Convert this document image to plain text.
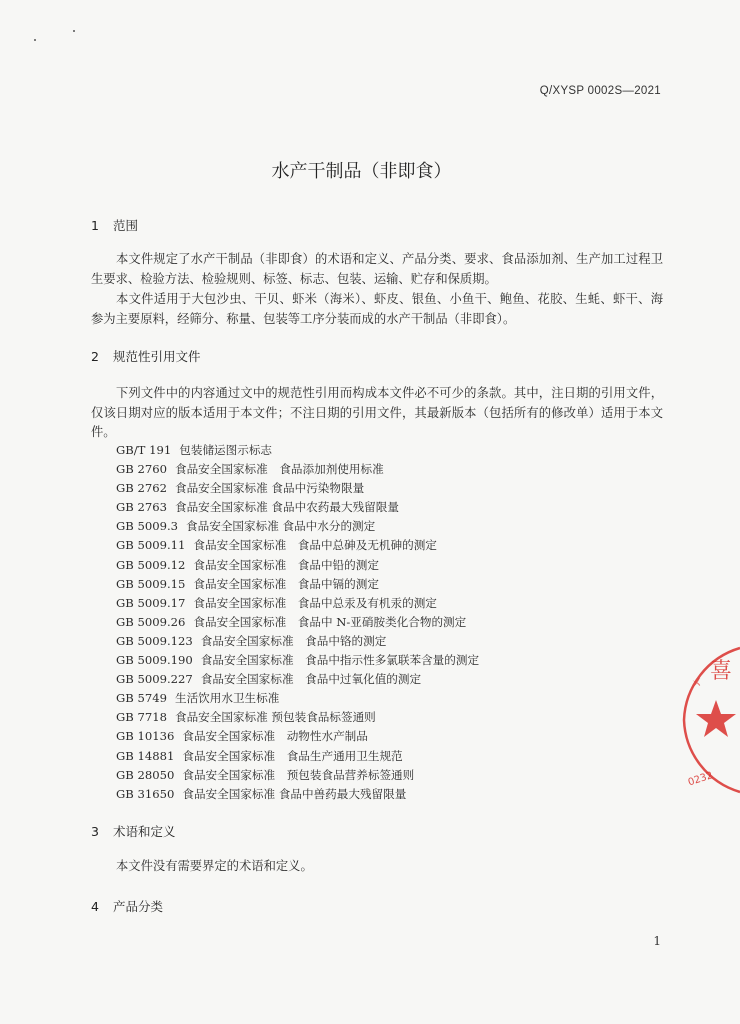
Q/XYSP 0002S—2021
水产干制品（非即食）
1 范围
本文件规定了水产干制品（非即食）的术语和定义、产品分类、要求、食品添加剂、生产加工过程卫生要求、检验方法、检验规则、标签、标志、包装、运输、贮存和保质期。
本文件适用于大包沙虫、干贝、虾米（海米）、虾皮、银鱼、小鱼干、鲍鱼、花胶、生蚝、虾干、海参为主要原料，经筛分、称量、包装等工序分装而成的水产干制品（非即食）。
2 规范性引用文件
下列文件中的内容通过文中的规范性引用而构成本文件必不可少的条款。其中，注日期的引用文件，仅该日期对应的版本适用于本文件；不注日期的引用文件，其最新版本（包括所有的修改单）适用于本文件。
GB/T 191 包装储运图示标志
GB 2760 食品安全国家标准　食品添加剂使用标准
GB 2762 食品安全国家标准 食品中污染物限量
GB 2763 食品安全国家标准 食品中农药最大残留限量
GB 5009.3 食品安全国家标准 食品中水分的测定
GB 5009.11 食品安全国家标准　食品中总砷及无机砷的测定
GB 5009.12 食品安全国家标准　食品中铅的测定
GB 5009.15 食品安全国家标准　食品中镉的测定
GB 5009.17 食品安全国家标准　食品中总汞及有机汞的测定
GB 5009.26 食品安全国家标准　食品中 N-亚硝胺类化合物的测定
GB 5009.123 食品安全国家标准　食品中铬的测定
GB 5009.190 食品安全国家标准　食品中指示性多氯联苯含量的测定
GB 5009.227 食品安全国家标准　食品中过氧化值的测定
GB 5749 生活饮用水卫生标准
GB 7718 食品安全国家标准 预包装食品标签通则
GB 10136 食品安全国家标准　动物性水产制品
GB 14881 食品安全国家标准　食品生产通用卫生规范
GB 28050 食品安全国家标准　预包装食品营养标签通则
GB 31650 食品安全国家标准 食品中兽药最大残留限量
3 术语和定义
本文件没有需要界定的术语和定义。
4 产品分类
1
喜
0232
㐅
